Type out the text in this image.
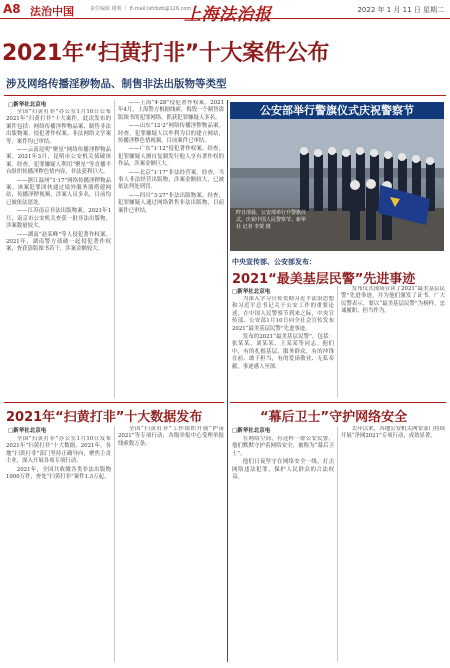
A8 法治中国	责任编辑 楼明 ｜ E-mail:lsfzbzb@126.com
上海法治报	2022 年 1 月 11 日 星期二
2021年“扫黄打非”十大案件公布
涉及网络传播淫秽物品、制售非法出版物等类型
□新华社北京电

全国“扫黄打非”办公室1月10日公布2021年“扫黄打非”十大案件。此次发布的案件包括：网络传播淫秽物品案、制售非法出版物案、侵犯著作权案、非法网络文学案等，案件均已审结。

——云南昆明“聚星”网络传播淫秽物品案。2021年3月，昆明市公安机关侦破该案。经查，犯罪嫌疑人利用“聚星”等直播平台组织传播淫秽色情内容，非法获利巨大。

——浙江温州“1·17”网络传播淫秽物品案。该案犯罪团伙通过境外服务器搭建网站，传播淫秽视频，涉案人员多名，目前均已被依法惩处。

——江苏南京非法出版物案。2021年1月，南京市公安机关查获一批非法出版物，涉案数量较大。

——湖南“赵某峰”等人侵犯著作权案。2021年，湖南警方侦破一起侵犯著作权案，查获盗版图书若干，涉案金额较大。

——上海“4·28”侵犯著作权案。2021年4月，上海警方根据线索，捣毁一个制售盗版图书的犯罪网络，抓获犯罪嫌疑人多名。

——山东“12·2”网络传播淫秽物品案。经查，犯罪嫌疑人以牟利为目的建立网站，传播淫秽色情视频。目前案件已审结。

——广东“1·12”侵犯著作权案。经查，犯罪嫌疑人擅自复制发行他人享有著作权的作品，涉案金额巨大。

——北京“1·17”非法经营案。经查，当事人非法经营出版物，涉案金额较大，已被依法判处刑罚。

——四川“3·27”非法出版物案。经查，犯罪嫌疑人通过网络销售非法出版物，目前案件已审结。

公安部举行警旗仪式庆祝警察节
昨日清晨，公安部举行升警旗仪式，庆祝中国人民警察节。新华社 记者 李贺 摄
中央宣传部、公安部发布：
2021“最美基层民警”先进事迹
□新华社北京电

为深入学习宣传贯彻习近平法治思想和习近平总书记关于公安工作的重要论述，在中国人民警察节到来之际，中央宣传部、公安部1月10日向全社会宣传发布2021“最美基层民警”先进事迹。

发布的2021“最美基层民警”，包括：张某某、刘某某、王某某等同志。他们中，有的扎根基层、服务群众，有的冲锋在前、敢于担当，有的爱岗敬业、无私奉献，事迹感人至深。

发布仪式现场宣读了2021“最美基层民警”先进事迹，并为他们颁发了证书。广大民警表示，要以“最美基层民警”为榜样，忠诚履职、担当作为。

2021年“扫黄打非”十大数据发布
□新华社北京电

全国“扫黄打非”办公室1月10日发布2021年“扫黄打非”十大数据。2021年，各地“扫黄打非”部门坚持正确导向，聚焦主责主业，深入开展各项专项行动。

2021年，全国共收缴各类非法出版物1900万件，查处“扫黄打非”案件1.3万起。

全国“扫黄打非”工作组织开展“护苗2021”等专项行动，各级举报中心受理举报线索数万条。

“幕后卫士”守护网络安全
□新华社北京电

在网络空间，有这样一群公安民警，他们默默守护着网络安全，被称为“幕后卫士”。

他们日夜坚守在网络安全一线，打击网络违法犯罪，保护人民群众的合法权益。

去年以来，各地公安机关网安部门持续开展“净网2021”专项行动，成效显著。
